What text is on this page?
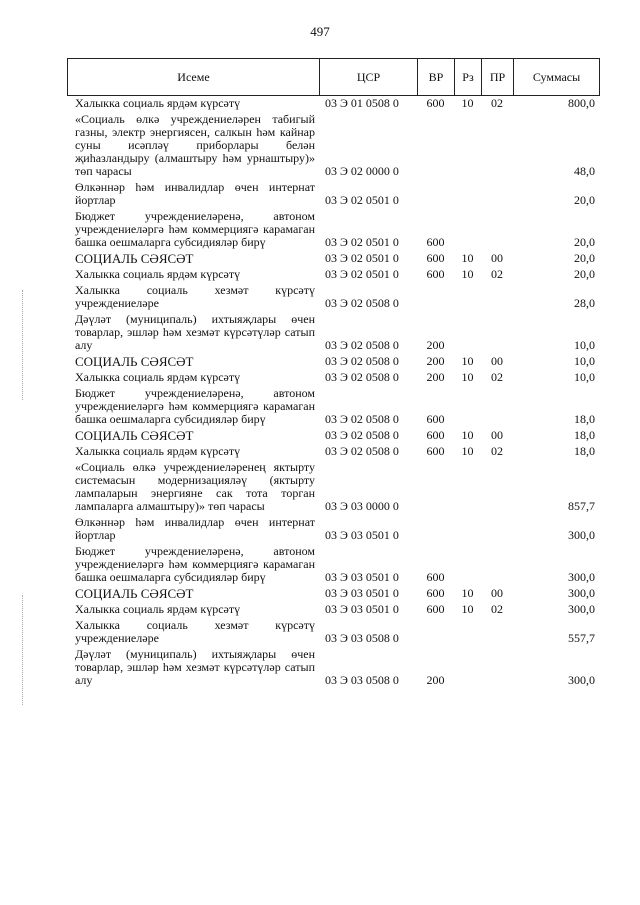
497
Исеме	ЦСР	ВР	Рз	ПР	Суммасы
Халыкка социаль ярдәм күрсәтү	03 Э 01 0508 0	600	10	02	800,0
«Социаль өлкә учреждениеләрен табигый газны, электр энергиясен, салкын һәм кайнар суны исәпләү приборлары белән җиһазландыру (алмаштыру һәм урнаштыру)» төп чарасы	03 Э 02 0000 0				48,0
Өлкәннәр һәм инвалидлар өчен интернат йортлар	03 Э 02 0501 0				20,0
Бюджет учреждениеләренә, автоном учреждениеләргә һәм коммерциягә карамаган башка оешмаларга субсидияләр бирү	03 Э 02 0501 0	600			20,0
СОЦИАЛЬ СӘЯСӘТ	03 Э 02 0501 0	600	10	00	20,0
Халыкка социаль ярдәм күрсәтү	03 Э 02 0501 0	600	10	02	20,0
Халыкка социаль хезмәт күрсәтү учреждениеләре	03 Э 02 0508 0				28,0
Дәүләт (муниципаль) ихтыяҗлары өчен товарлар, эшләр һәм хезмәт күрсәтүләр сатып алу	03 Э 02 0508 0	200			10,0
СОЦИАЛЬ СӘЯСӘТ	03 Э 02 0508 0	200	10	00	10,0
Халыкка социаль ярдәм күрсәтү	03 Э 02 0508 0	200	10	02	10,0
Бюджет учреждениеләренә, автоном учреждениеләргә һәм коммерциягә карамаган башка оешмаларга субсидияләр бирү	03 Э 02 0508 0	600			18,0
СОЦИАЛЬ СӘЯСӘТ	03 Э 02 0508 0	600	10	00	18,0
Халыкка социаль ярдәм күрсәтү	03 Э 02 0508 0	600	10	02	18,0
«Социаль өлкә учреждениеләренең яктырту системасын модернизацияләү (яктырту лампаларын энергияне сак тота торган лампаларга алмаштыру)» төп чарасы	03 Э 03 0000 0				857,7
Өлкәннәр һәм инвалидлар өчен интернат йортлар	03 Э 03 0501 0				300,0
Бюджет учреждениеләренә, автоном учреждениеләргә һәм коммерциягә карамаган башка оешмаларга субсидияләр бирү	03 Э 03 0501 0	600			300,0
СОЦИАЛЬ СӘЯСӘТ	03 Э 03 0501 0	600	10	00	300,0
Халыкка социаль ярдәм күрсәтү	03 Э 03 0501 0	600	10	02	300,0
Халыкка социаль хезмәт күрсәтү учреждениеләре	03 Э 03 0508 0				557,7
Дәүләт (муниципаль) ихтыяҗлары өчен товарлар, эшләр һәм хезмәт күрсәтүләр сатып алу	03 Э 03 0508 0	200			300,0
